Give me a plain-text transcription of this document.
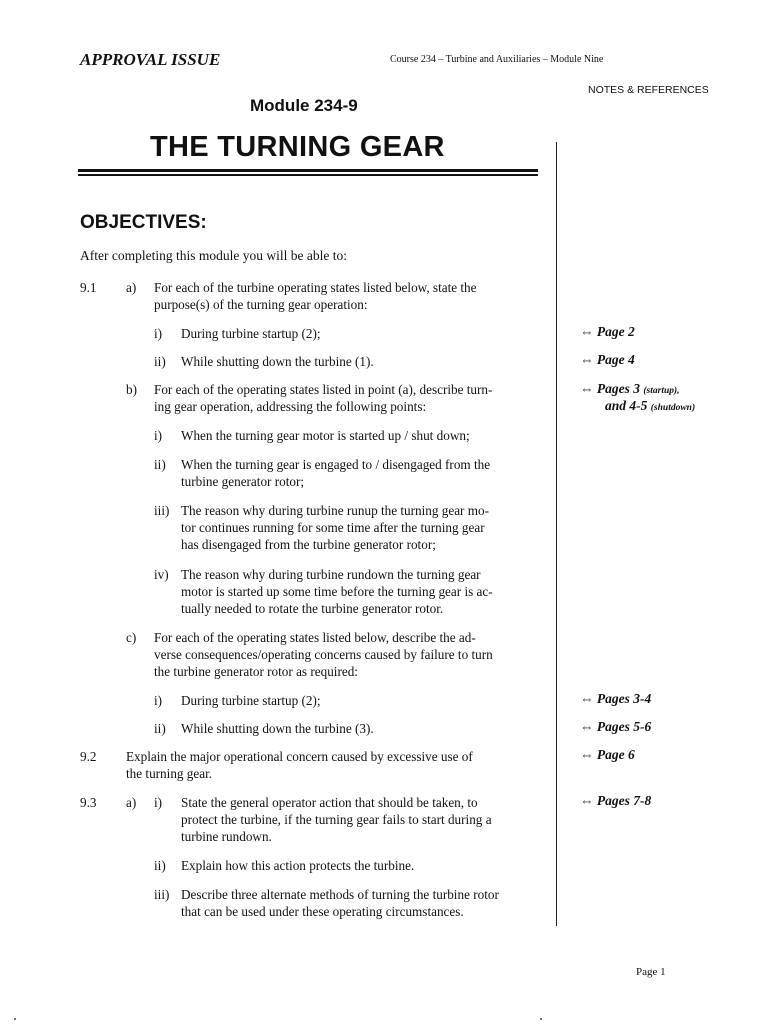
APPROVAL ISSUE	Course 234 – Turbine and Auxiliaries – Module Nine
NOTES & REFERENCES
Module 234-9
THE TURNING GEAR
OBJECTIVES:
After completing this module you will be able to:
9.1 a) For each of the turbine operating states listed below, state the
purpose(s) of the turning gear operation:
i) During turbine startup (2);
ii) While shutting down the turbine (1).
b) For each of the operating states listed in point (a), describe turn-
ing gear operation, addressing the following points:
i) When the turning gear motor is started up / shut down;
ii) When the turning gear is engaged to / disengaged from the
turbine generator rotor;
iii) The reason why during turbine runup the turning gear mo-
tor continues running for some time after the turning gear
has disengaged from the turbine generator rotor;
iv) The reason why during turbine rundown the turning gear
motor is started up some time before the turning gear is ac-
tually needed to rotate the turbine generator rotor.
c) For each of the operating states listed below, describe the ad-
verse consequences/operating concerns caused by failure to turn
the turbine generator rotor as required:
i) During turbine startup (2);
ii) While shutting down the turbine (3).
9.2 Explain the major operational concern caused by excessive use of
the turning gear.
9.3 a) i) State the general operator action that should be taken, to
protect the turbine, if the turning gear fails to start during a
turbine rundown.
ii) Explain how this action protects the turbine.
iii) Describe three alternate methods of turning the turbine rotor
that can be used under these operating circumstances.
⇔ Page 2
⇔ Page 4
⇔ Pages 3 (startup),
and 4-5 (shutdown)
⇔ Pages 3-4
⇔ Pages 5-6
⇔ Page 6
⇔ Pages 7-8
Page 1
